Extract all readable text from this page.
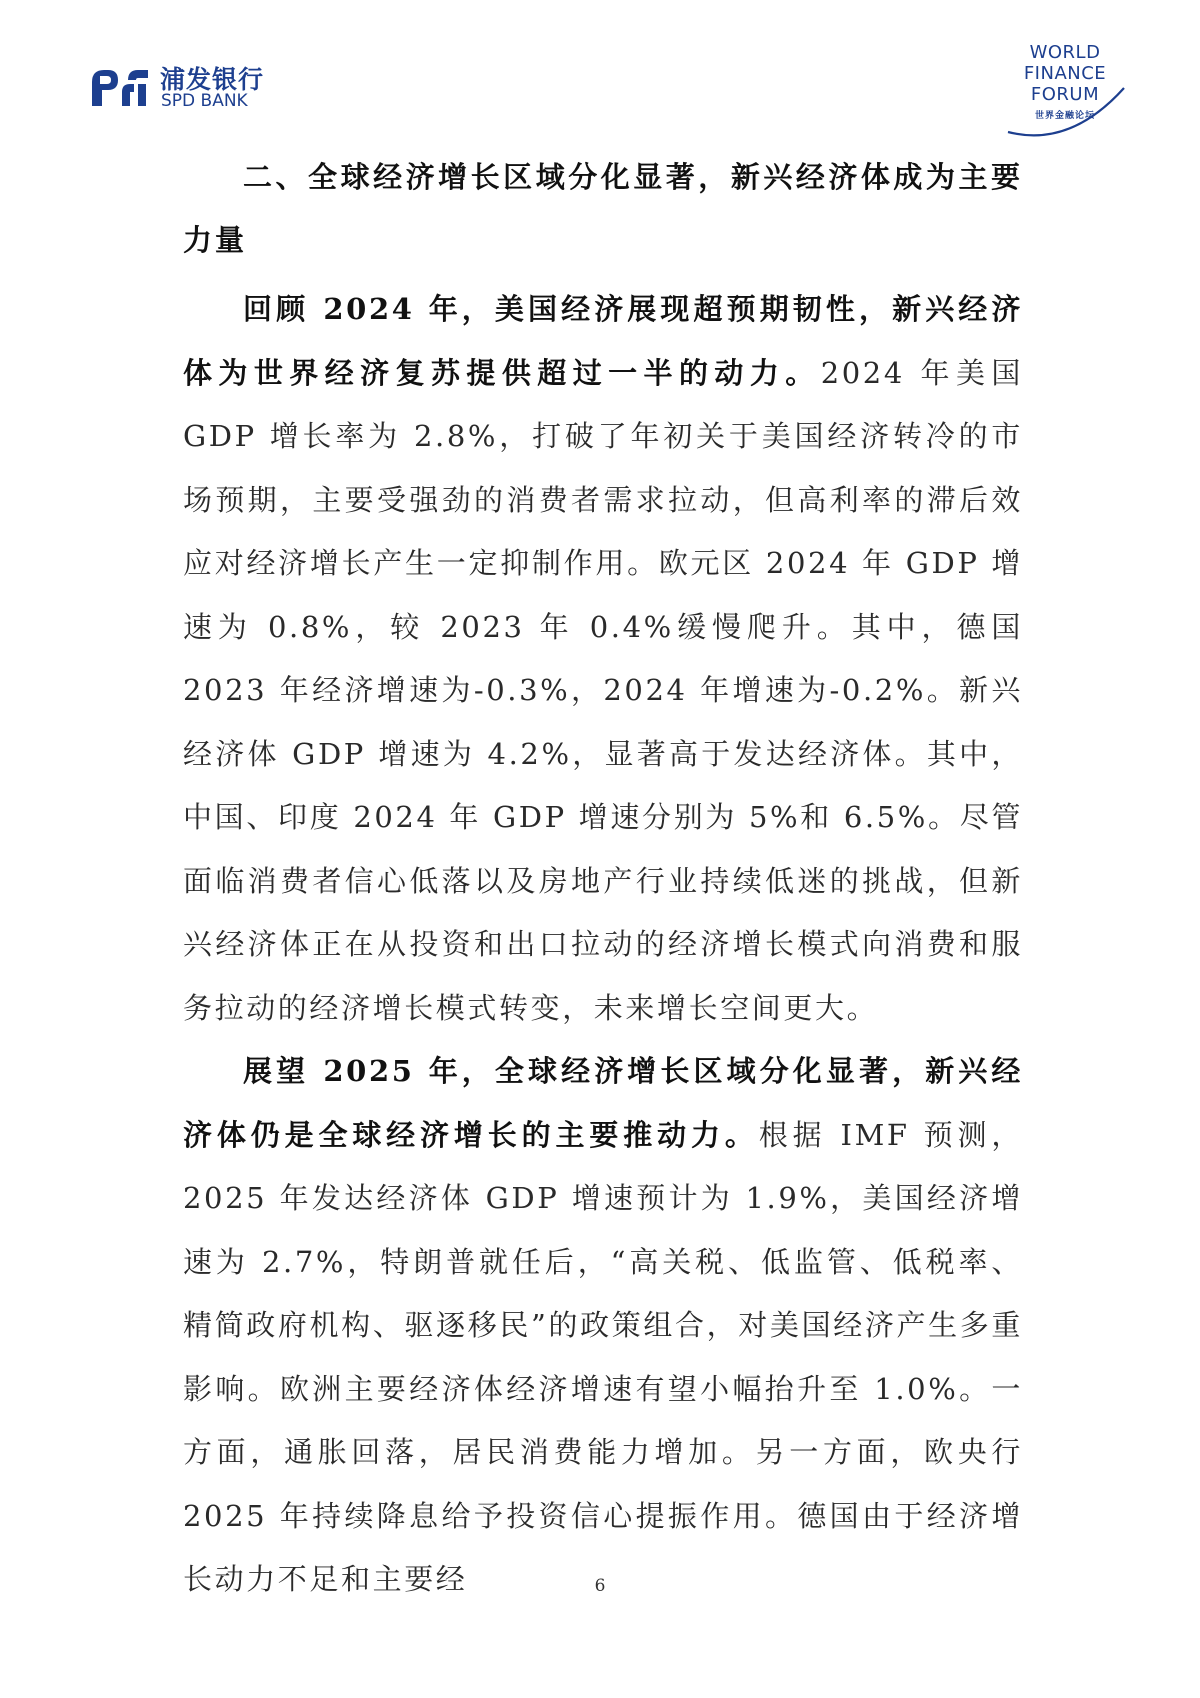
浦发银行
SPD BANK
WORLD
FINANCE
FORUM
世界金融论坛
二、全球经济增长区域分化显著，新兴经济体成为主要力量

回顾 2024 年，美国经济展现超预期韧性，新兴经济体为世界经济复苏提供超过一半的动力。2024 年美国 GDP 增长率为 2.8%，打破了年初关于美国经济转冷的市场预期，主要受强劲的消费者需求拉动，但高利率的滞后效应对经济增长产生一定抑制作用。欧元区 2024 年 GDP 增速为 0.8%，较 2023 年 0.4%缓慢爬升。其中，德国 2023 年经济增速为-0.3%，2024 年增速为-0.2%。新兴经济体 GDP 增速为 4.2%，显著高于发达经济体。其中，中国、印度 2024 年 GDP 增速分别为 5%和 6.5%。尽管面临消费者信心低落以及房地产行业持续低迷的挑战，但新兴经济体正在从投资和出口拉动的经济增长模式向消费和服务拉动的经济增长模式转变，未来增长空间更大。

展望 2025 年，全球经济增长区域分化显著，新兴经济体仍是全球经济增长的主要推动力。根据 IMF 预测，2025 年发达经济体 GDP 增速预计为 1.9%，美国经济增速为 2.7%，特朗普就任后，“高关税、低监管、低税率、精简政府机构、驱逐移民”的政策组合，对美国经济产生多重影响。欧洲主要经济体经济增速有望小幅抬升至 1.0%。一方面，通胀回落，居民消费能力增加。另一方面，欧央行 2025 年持续降息给予投资信心提振作用。德国由于经济增长动力不足和主要经	6
